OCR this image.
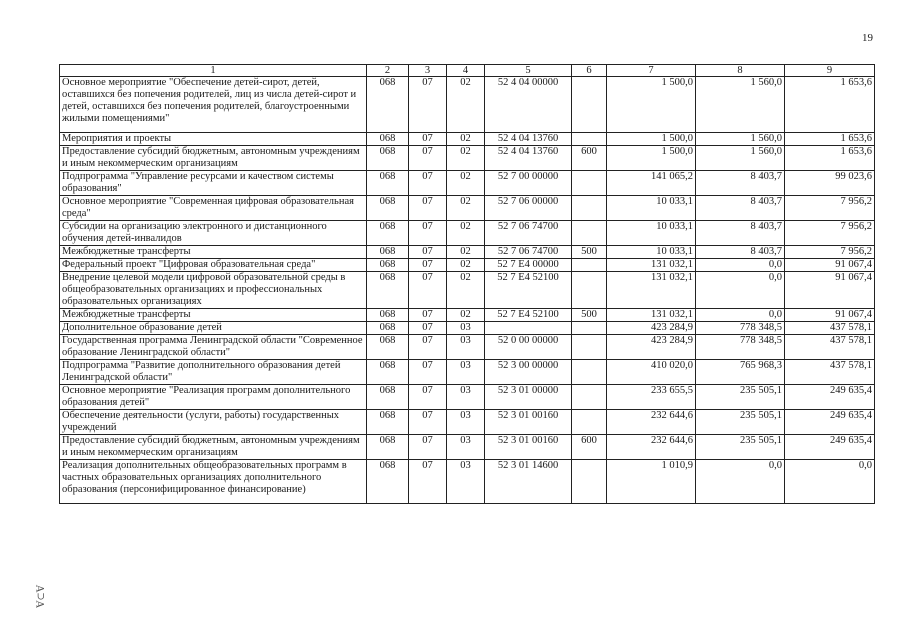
19
1	2	3	4	5	6	7	8	9
Основное мероприятие "Обеспечение детей-сирот, детей, оставшихся без попечения родителей, лиц из числа детей-сирот и детей, оставшихся без попечения родителей, благоустроенными жилыми помещениями"	068	07	02	52 4 04 00000		1 500,0	1 560,0	1 653,6
Мероприятия и проекты	068	07	02	52 4 04 13760		1 500,0	1 560,0	1 653,6
Предоставление субсидий бюджетным, автономным учреждениям и иным некоммерческим организациям	068	07	02	52 4 04 13760	600	1 500,0	1 560,0	1 653,6
Подпрограмма "Управление ресурсами и качеством системы образования"	068	07	02	52 7 00 00000		141 065,2	8 403,7	99 023,6
Основное мероприятие "Современная цифровая образовательная среда"	068	07	02	52 7 06 00000		10 033,1	8 403,7	7 956,2
Субсидии на организацию электронного и дистанционного обучения детей-инвалидов	068	07	02	52 7 06 74700		10 033,1	8 403,7	7 956,2
Межбюджетные трансферты	068	07	02	52 7 06 74700	500	10 033,1	8 403,7	7 956,2
Федеральный проект "Цифровая образовательная среда"	068	07	02	52 7 E4 00000		131 032,1	0,0	91 067,4
Внедрение целевой модели цифровой образовательной среды в общеобразовательных организациях и профессиональных образовательных организациях	068	07	02	52 7 E4 52100		131 032,1	0,0	91 067,4
Межбюджетные трансферты	068	07	02	52 7 E4 52100	500	131 032,1	0,0	91 067,4
Дополнительное образование детей	068	07	03			423 284,9	778 348,5	437 578,1
Государственная программа Ленинградской области "Современное образование Ленинградской области"	068	07	03	52 0 00 00000		423 284,9	778 348,5	437 578,1
Подпрограмма "Развитие дополнительного образования детей Ленинградской области"	068	07	03	52 3 00 00000		410 020,0	765 968,3	437 578,1
Основное мероприятие "Реализация программ дополнительного образования детей"	068	07	03	52 3 01 00000		233 655,5	235 505,1	249 635,4
Обеспечение деятельности (услуги, работы) государственных учреждений	068	07	03	52 3 01 00160		232 644,6	235 505,1	249 635,4
Предоставление субсидий бюджетным, автономным учреждениям и иным некоммерческим организациям	068	07	03	52 3 01 00160	600	232 644,6	235 505,1	249 635,4
Реализация дополнительных общеобразовательных программ в частных образовательных организациях дополнительного образования (персонифицированное финансирование)	068	07	03	52 3 01 14600		1 010,9	0,0	0,0
Ɐ⊂Ɐ
